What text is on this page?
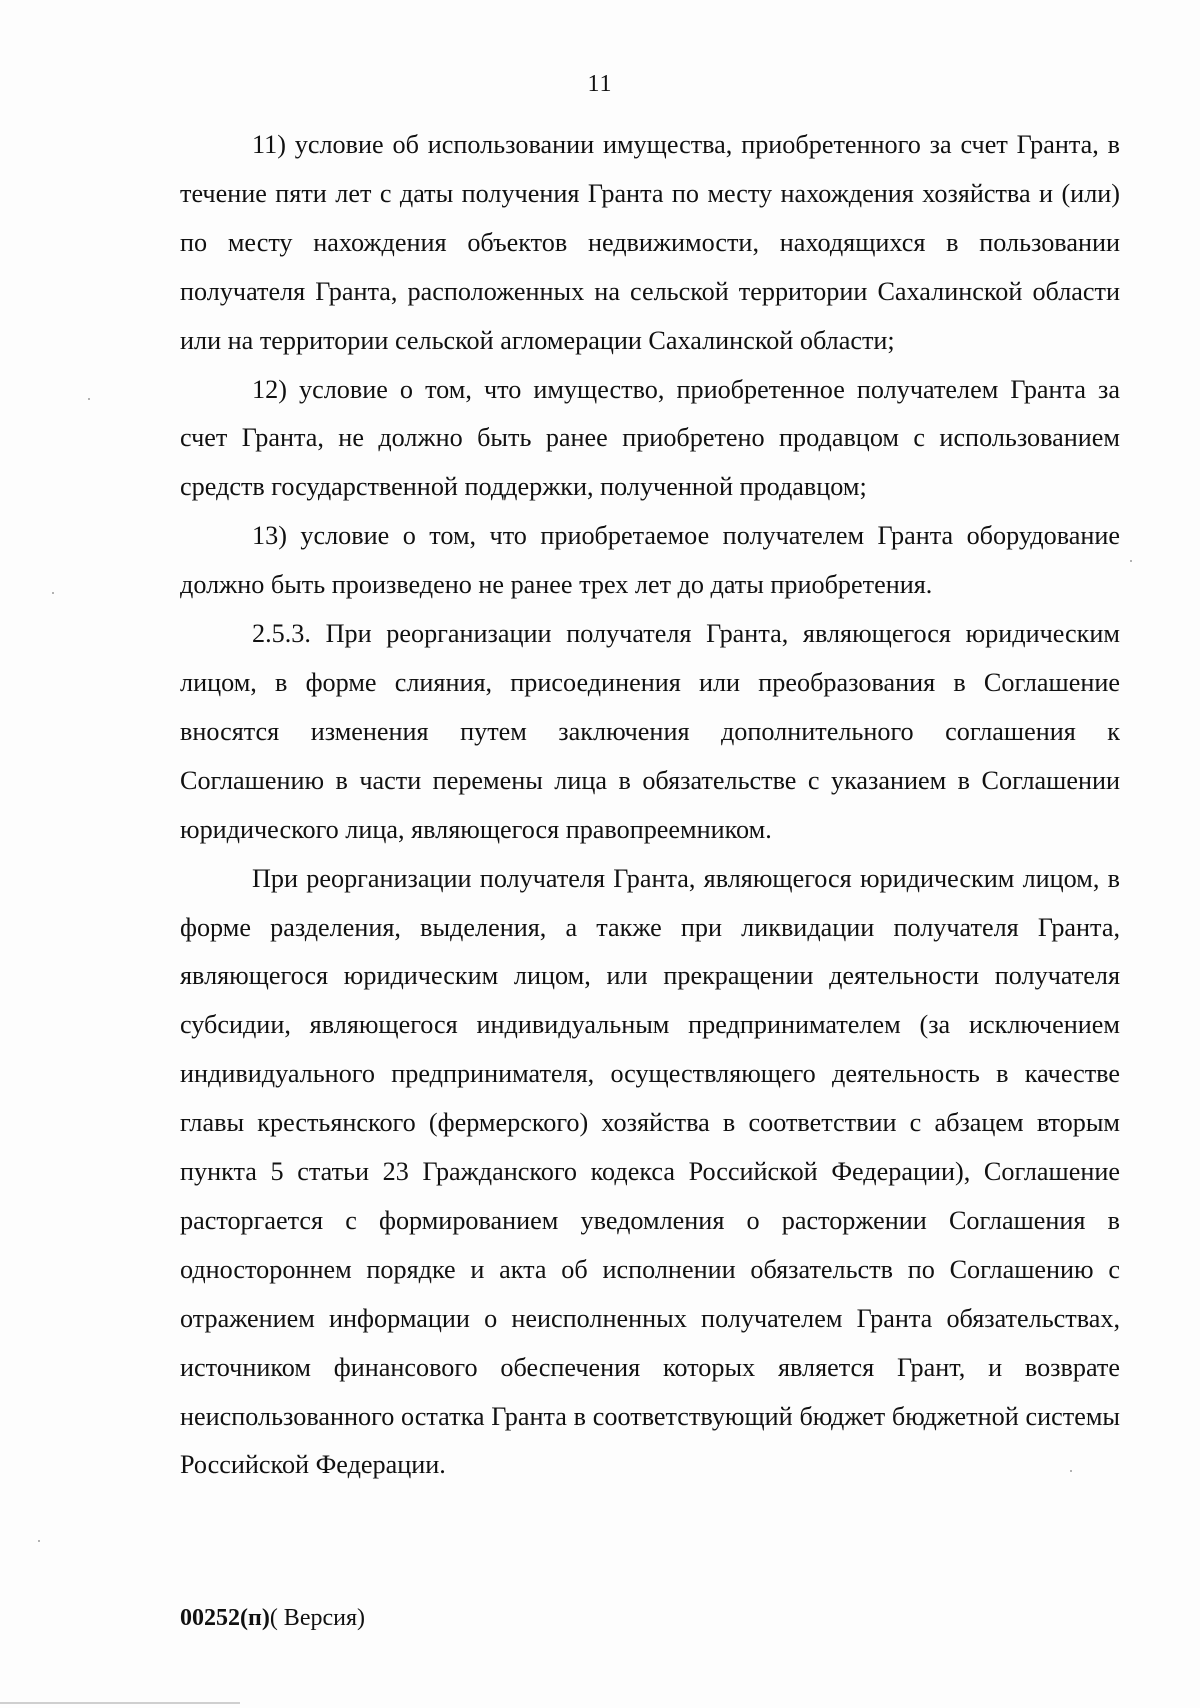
11

11) условие об использовании имущества, приобретенного за счет Гранта, в течение пяти лет с даты получения Гранта по месту нахождения хозяйства и (или) по месту нахождения объектов недвижимости, находящихся в пользовании получателя Гранта, расположенных на сельской территории Сахалинской области или на территории сельской агломерации Сахалинской области;

12) условие о том, что имущество, приобретенное получателем Гранта за счет Гранта, не должно быть ранее приобретено продавцом с использованием средств государственной поддержки, полученной продавцом;

13) условие о том, что приобретаемое получателем Гранта оборудование должно быть произведено не ранее трех лет до даты приобретения.

2.5.3. При реорганизации получателя Гранта, являющегося юридическим лицом, в форме слияния, присоединения или преобразования в Соглашение вносятся изменения путем заключения дополнительного соглашения к Соглашению в части перемены лица в обязательстве с указанием в Соглашении юридического лица, являющегося правопреемником.

При реорганизации получателя Гранта, являющегося юридическим лицом, в форме разделения, выделения, а также при ликвидации получателя Гранта, являющегося юридическим лицом, или прекращении деятельности получателя субсидии, являющегося индивидуальным предпринимателем (за исключением индивидуального предпринимателя, осуществляющего деятельность в качестве главы крестьянского (фермерского) хозяйства в соответствии с абзацем вторым пункта 5 статьи 23 Гражданского кодекса Российской Федерации), Соглашение расторгается с формированием уведомления о расторжении Соглашения в одностороннем порядке и акта об исполнении обязательств по Соглашению с отражением информации о неисполненных получателем Гранта обязательствах, источником финансового обеспечения которых является Грант, и возврате неиспользованного остатка Гранта в соответствующий бюджет бюджетной системы Российской Федерации.

00252(п)( Версия)
